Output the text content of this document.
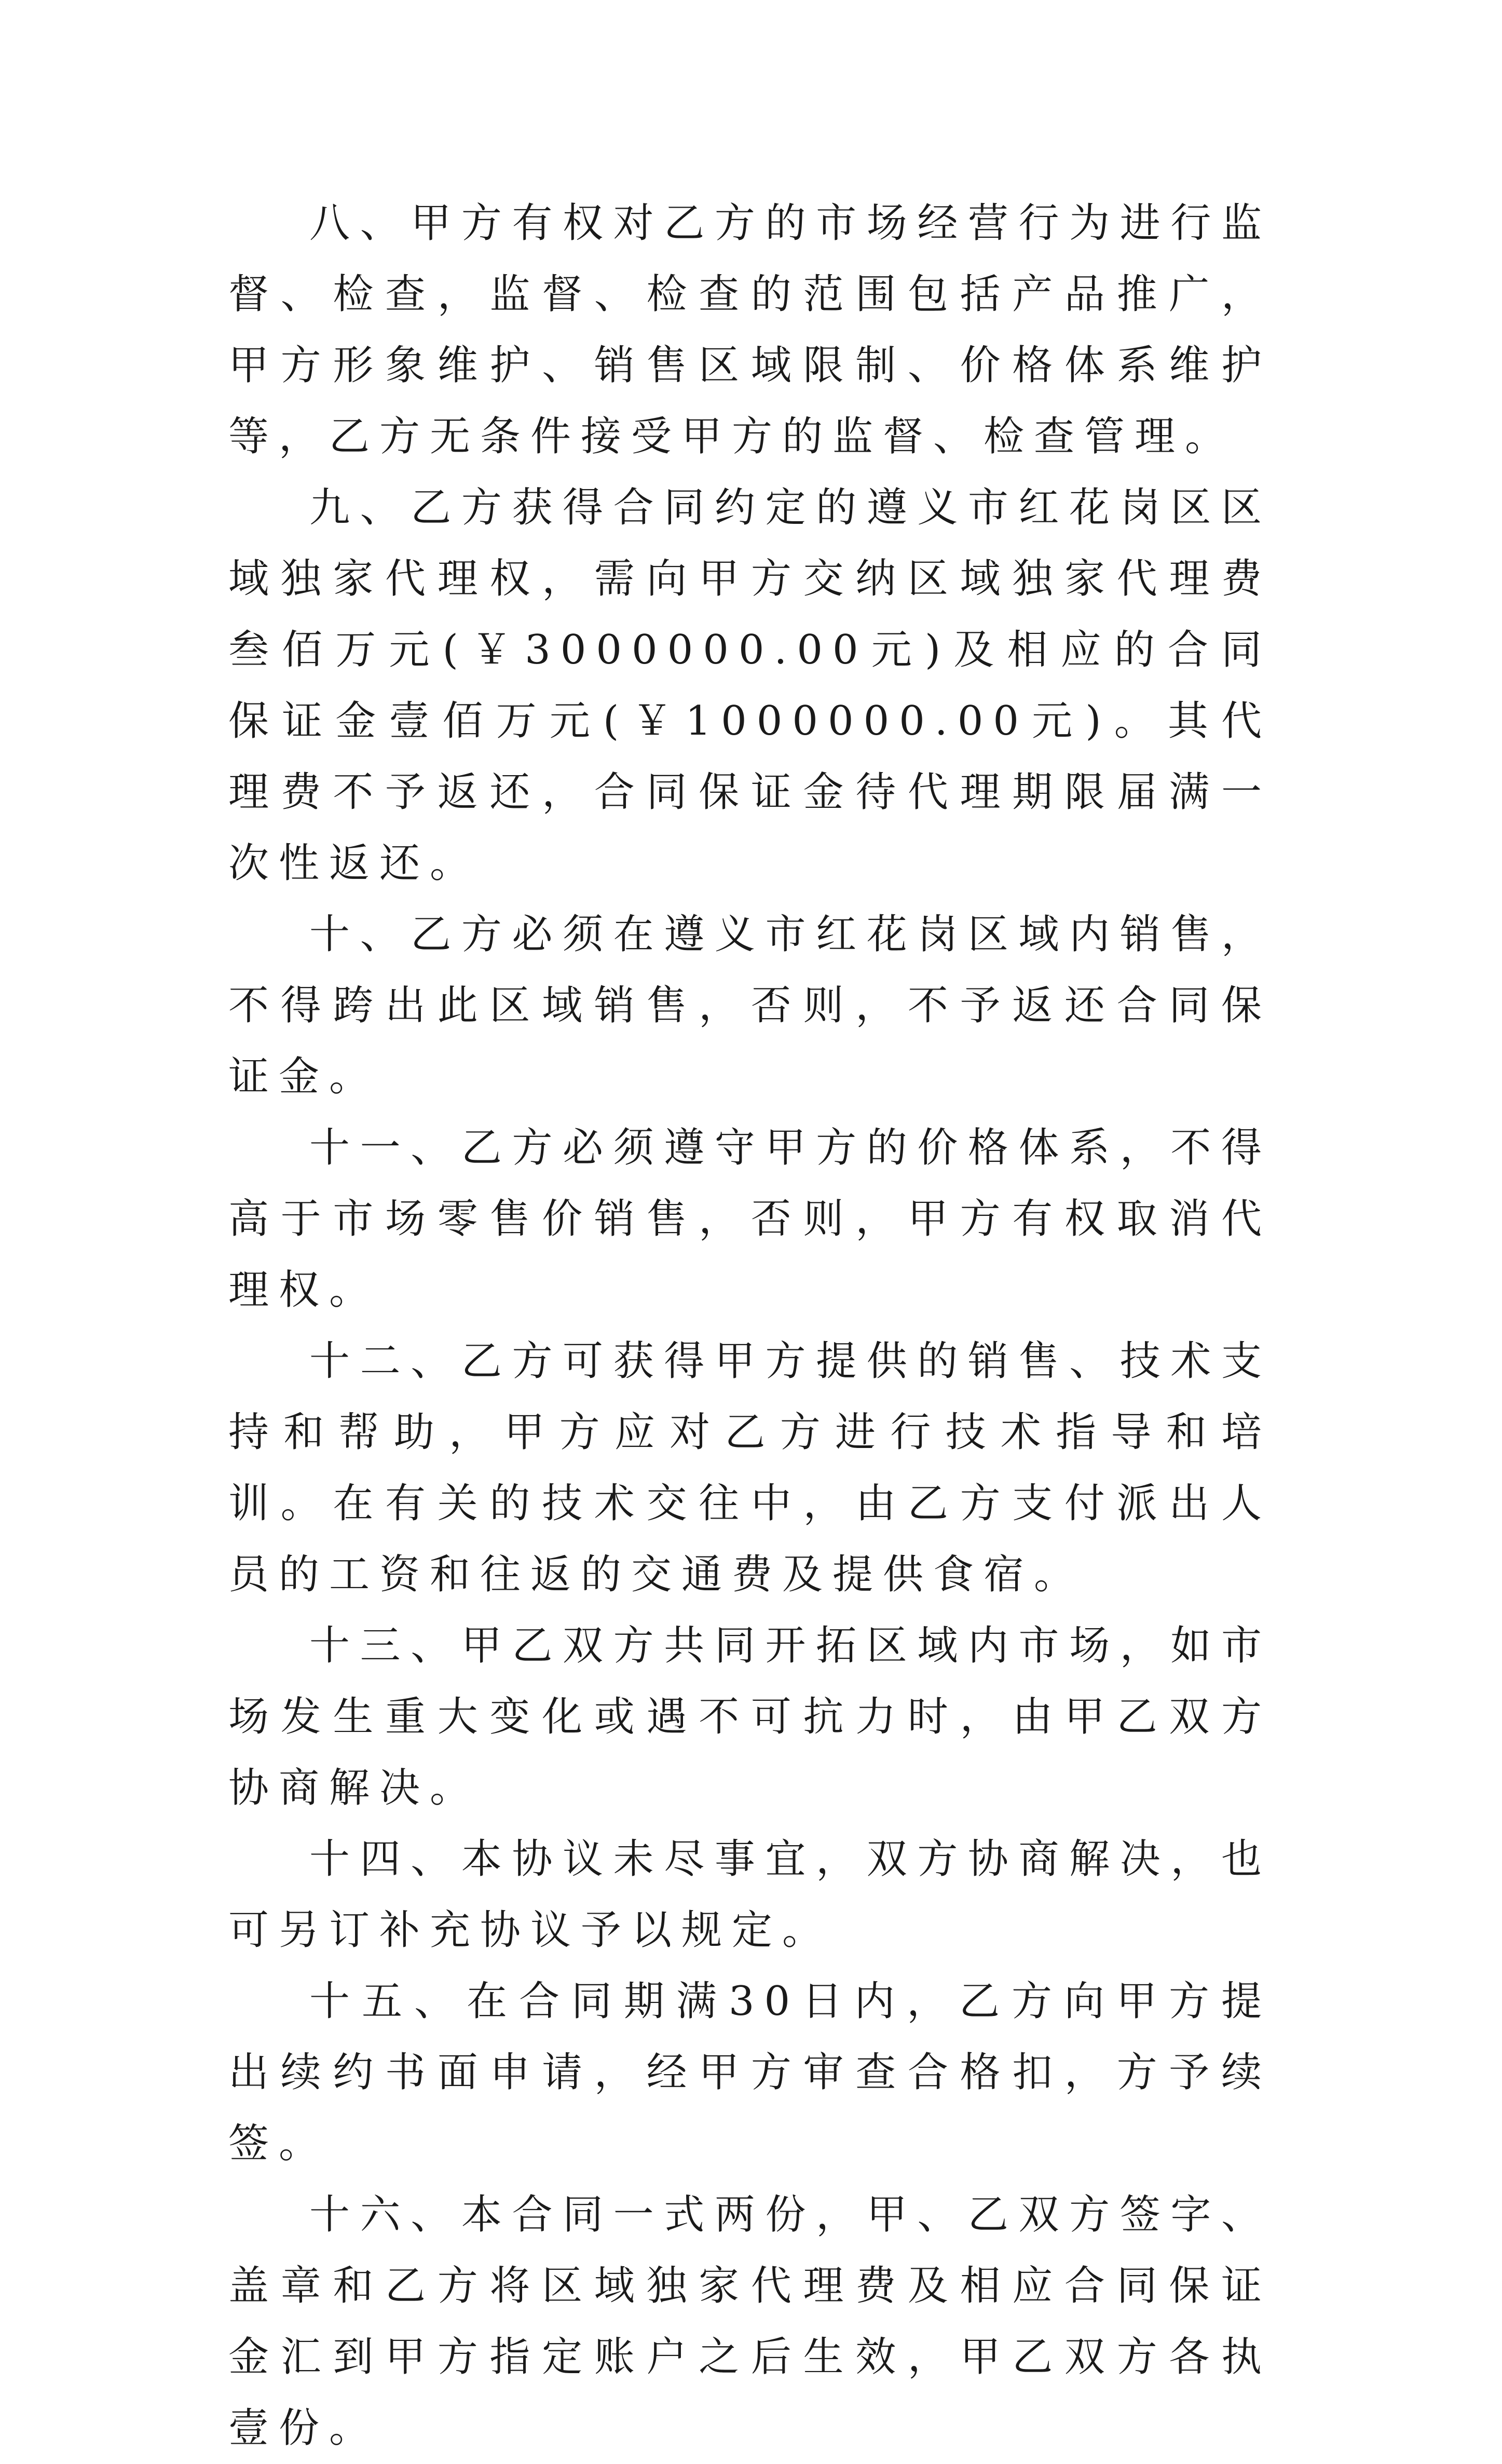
八、甲方有权对乙方的市场经营行为进行监督、检查，监督、检查的范围包括产品推广，甲方形象维护、销售区域限制、价格体系维护等，乙方无条件接受甲方的监督、检查管理。

九、乙方获得合同约定的遵义市红花岗区区域独家代理权，需向甲方交纳区域独家代理费叁佰万元(￥3000000.00元)及相应的合同保证金壹佰万元(￥1000000.00元)。其代理费不予返还，合同保证金待代理期限届满一次性返还。

十、乙方必须在遵义市红花岗区域内销售，不得跨出此区域销售，否则，不予返还合同保证金。

十一、乙方必须遵守甲方的价格体系，不得高于市场零售价销售，否则，甲方有权取消代理权。

十二、乙方可获得甲方提供的销售、技术支持和帮助，甲方应对乙方进行技术指导和培训。在有关的技术交往中，由乙方支付派出人员的工资和往返的交通费及提供食宿。

十三、甲乙双方共同开拓区域内市场，如市场发生重大变化或遇不可抗力时，由甲乙双方协商解决。

十四、本协议未尽事宜，双方协商解决，也可另订补充协议予以规定。

十五、在合同期满30日内，乙方向甲方提出续约书面申请，经甲方审查合格扣，方予续签。

十六、本合同一式两份，甲、乙双方签字、盖章和乙方将区域独家代理费及相应合同保证金汇到甲方指定账户之后生效，甲乙双方各执壹份。
